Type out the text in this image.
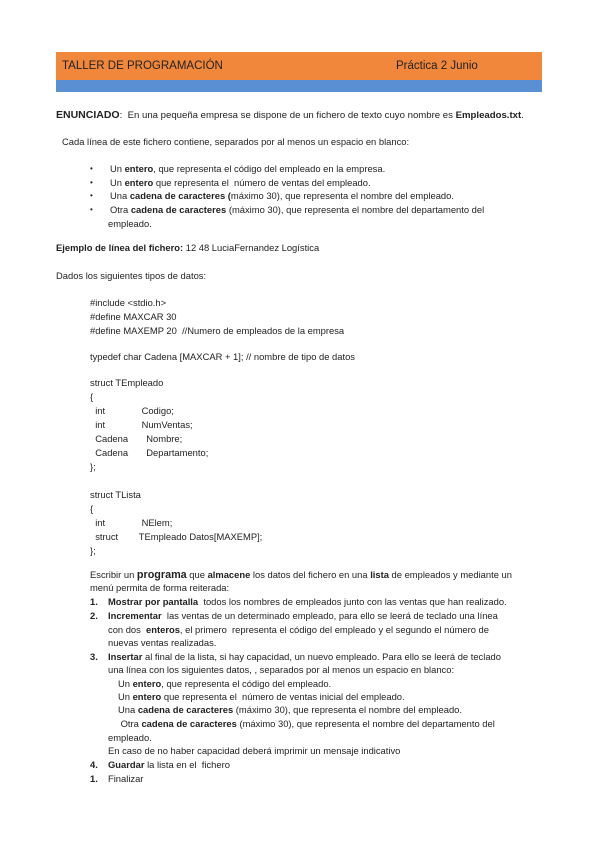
TALLER DE PROGRAMACIÓN	Práctica 2 Junio
ENUNCIADO:  En una pequeña empresa se dispone de un fichero de texto cuyo nombre es Empleados.txt.
Cada línea de este fichero contiene, separados por al menos un espacio en blanco:
• Un entero, que representa el código del empleado en la empresa.
• Un entero que representa el  número de ventas del empleado.
• Una cadena de caracteres (máximo 30), que representa el nombre del empleado.
• Otra cadena de caracteres (máximo 30), que representa el nombre del departamento del
empleado.
Ejemplo de línea del fichero: 12 48 LuciaFernandez Logística
Dados los siguientes tipos de datos:
#include <stdio.h>
#define MAXCAR 30
#define MAXEMP 20  //Numero de empleados de la empresa
typedef char Cadena [MAXCAR + 1]; // nombre de tipo de datos
struct TEmpleado
{
int              Codigo;
int              NumVentas;
Cadena       Nombre;
Cadena       Departamento;
};
struct TLista
{
int              NElem;
struct        TEmpleado Datos[MAXEMP];
};
Escribir un programa que almacene los datos del fichero en una lista de empleados y mediante un
menú permita de forma reiterada:
1. Mostrar por pantalla  todos los nombres de empleados junto con las ventas que han realizado.
2. Incrementar  las ventas de un determinado empleado, para ello se leerá de teclado una línea
con dos  enteros, el primero  representa el código del empleado y el segundo el número de
nuevas ventas realizadas.
3. Insertar al final de la lista, si hay capacidad, un nuevo empleado. Para ello se leerá de teclado
una línea con los siguientes datos, , separados por al menos un espacio en blanco:
Un entero, que representa el código del empleado.
Un entero que representa el  número de ventas inicial del empleado.
Una cadena de caracteres (máximo 30), que representa el nombre del empleado.
Otra cadena de caracteres (máximo 30), que representa el nombre del departamento del
empleado.
En caso de no haber capacidad deberá imprimir un mensaje indicativo
4. Guardar la lista en el  fichero
1. Finalizar
